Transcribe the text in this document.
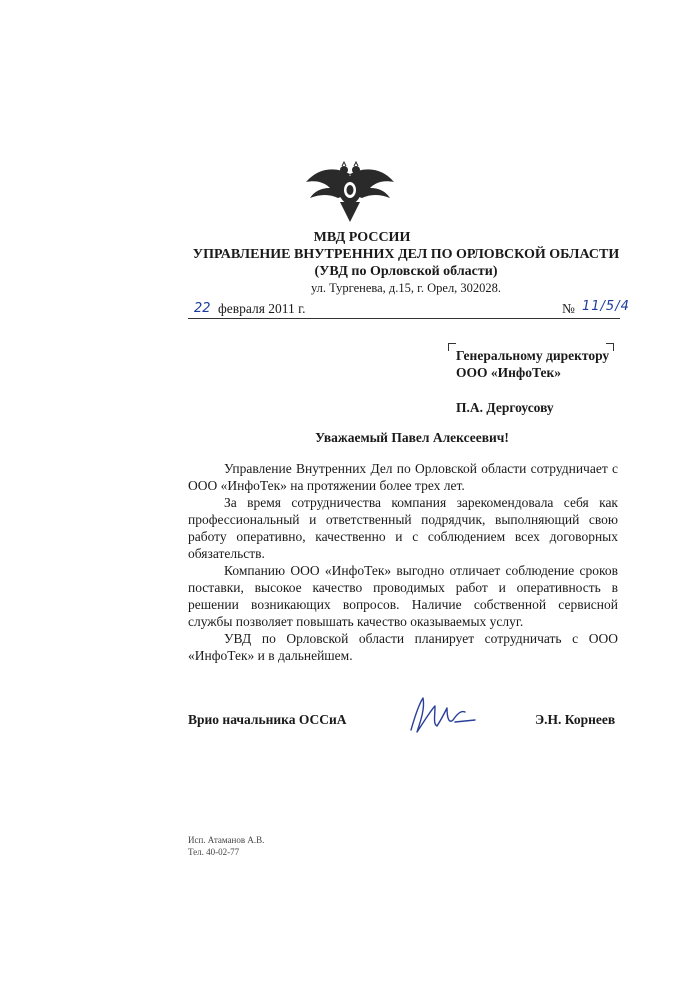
МВД РОССИИ
УПРАВЛЕНИЕ ВНУТРЕННИХ ДЕЛ ПО ОРЛОВСКОЙ ОБЛАСТИ
(УВД по Орловской области)
ул. Тургенева, д.15, г. Орел, 302028.
22 февраля 2011 г.	№ 11/5/4
Генеральному директору
ООО «ИнфоТек»
П.А. Дергоусову
Уважаемый Павел Алексеевич!

Управление Внутренних Дел по Орловской области сотрудничает с ООО «ИнфоТек» на протяжении более трех лет.

За время сотрудничества компания зарекомендовала себя как профессиональный и ответственный подрядчик, выполняющий свою работу оперативно, качественно и с соблюдением всех договорных обязательств.

Компанию ООО «ИнфоТек» выгодно отличает соблюдение сроков поставки, высокое качество проводимых работ и оперативность в решении возникающих вопросов. Наличие собственной сервисной службы позволяет повышать качество оказываемых услуг.

УВД по Орловской области планирует сотрудничать с ООО «ИнфоТек» и в дальнейшем.

Врио начальника ОССиА	Э.Н. Корнеев
Исп. Атаманов А.В.
Тел. 40-02-77
